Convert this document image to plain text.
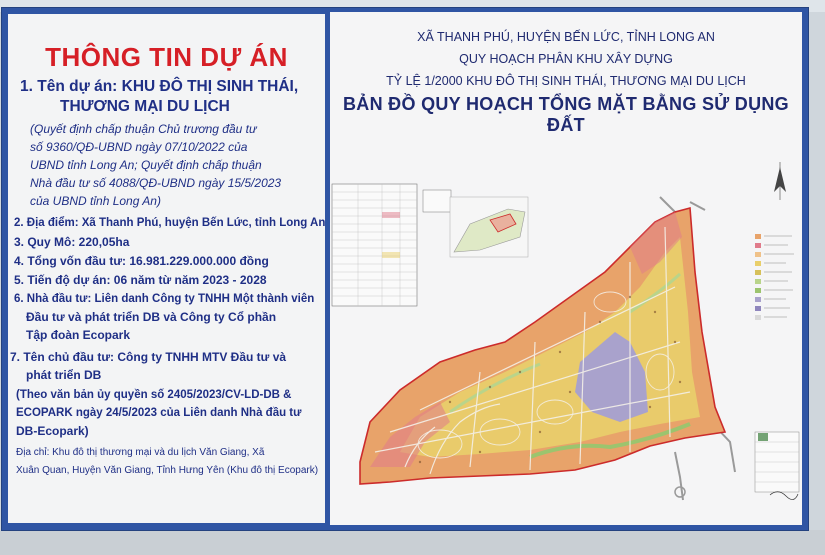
THÔNG TIN DỰ ÁN
1. Tên dự án: KHU ĐÔ THỊ SINH THÁI,
THƯƠNG MẠI DU LỊCH
(Quyết định chấp thuận Chủ trương đầu tư
số 9360/QĐ-UBND ngày 07/10/2022 của
UBND tỉnh Long An; Quyết định chấp thuận
Nhà đầu tư số 4088/QĐ-UBND ngày 15/5/2023
của UBND tỉnh Long An)
2. Địa điểm: Xã Thanh Phú, huyện Bến Lức, tỉnh Long An
3. Quy Mô: 220,05ha
4. Tổng vốn đầu tư: 16.981.229.000.000 đồng
5. Tiến độ dự án: 06 năm từ năm 2023 - 2028
6. Nhà đầu tư: Liên danh Công ty TNHH Một thành viên
Đầu tư và phát triển DB và Công ty Cổ phần
Tập đoàn Ecopark
7. Tên chủ đầu tư: Công ty TNHH MTV Đầu tư và
phát triển DB
(Theo văn bản ủy quyền số 2405/2023/CV-LD-DB &
ECOPARK ngày 24/5/2023 của Liên danh Nhà đầu tư
DB-Ecopark)
Địa chỉ: Khu đô thị thương mại và du lịch Văn Giang, Xã
Xuân Quan, Huyện Văn Giang, Tỉnh Hưng Yên (Khu đô thị Ecopark)
XÃ THANH PHÚ, HUYỆN BẾN LỨC, TỈNH LONG AN
QUY HOẠCH PHÂN KHU XÂY DỰNG
TỶ LỆ 1/2000 KHU ĐÔ THỊ SINH THÁI, THƯƠNG MẠI DU LỊCH
BẢN ĐỒ QUY HOẠCH TỔNG MẶT BẰNG SỬ DỤNG ĐẤT
